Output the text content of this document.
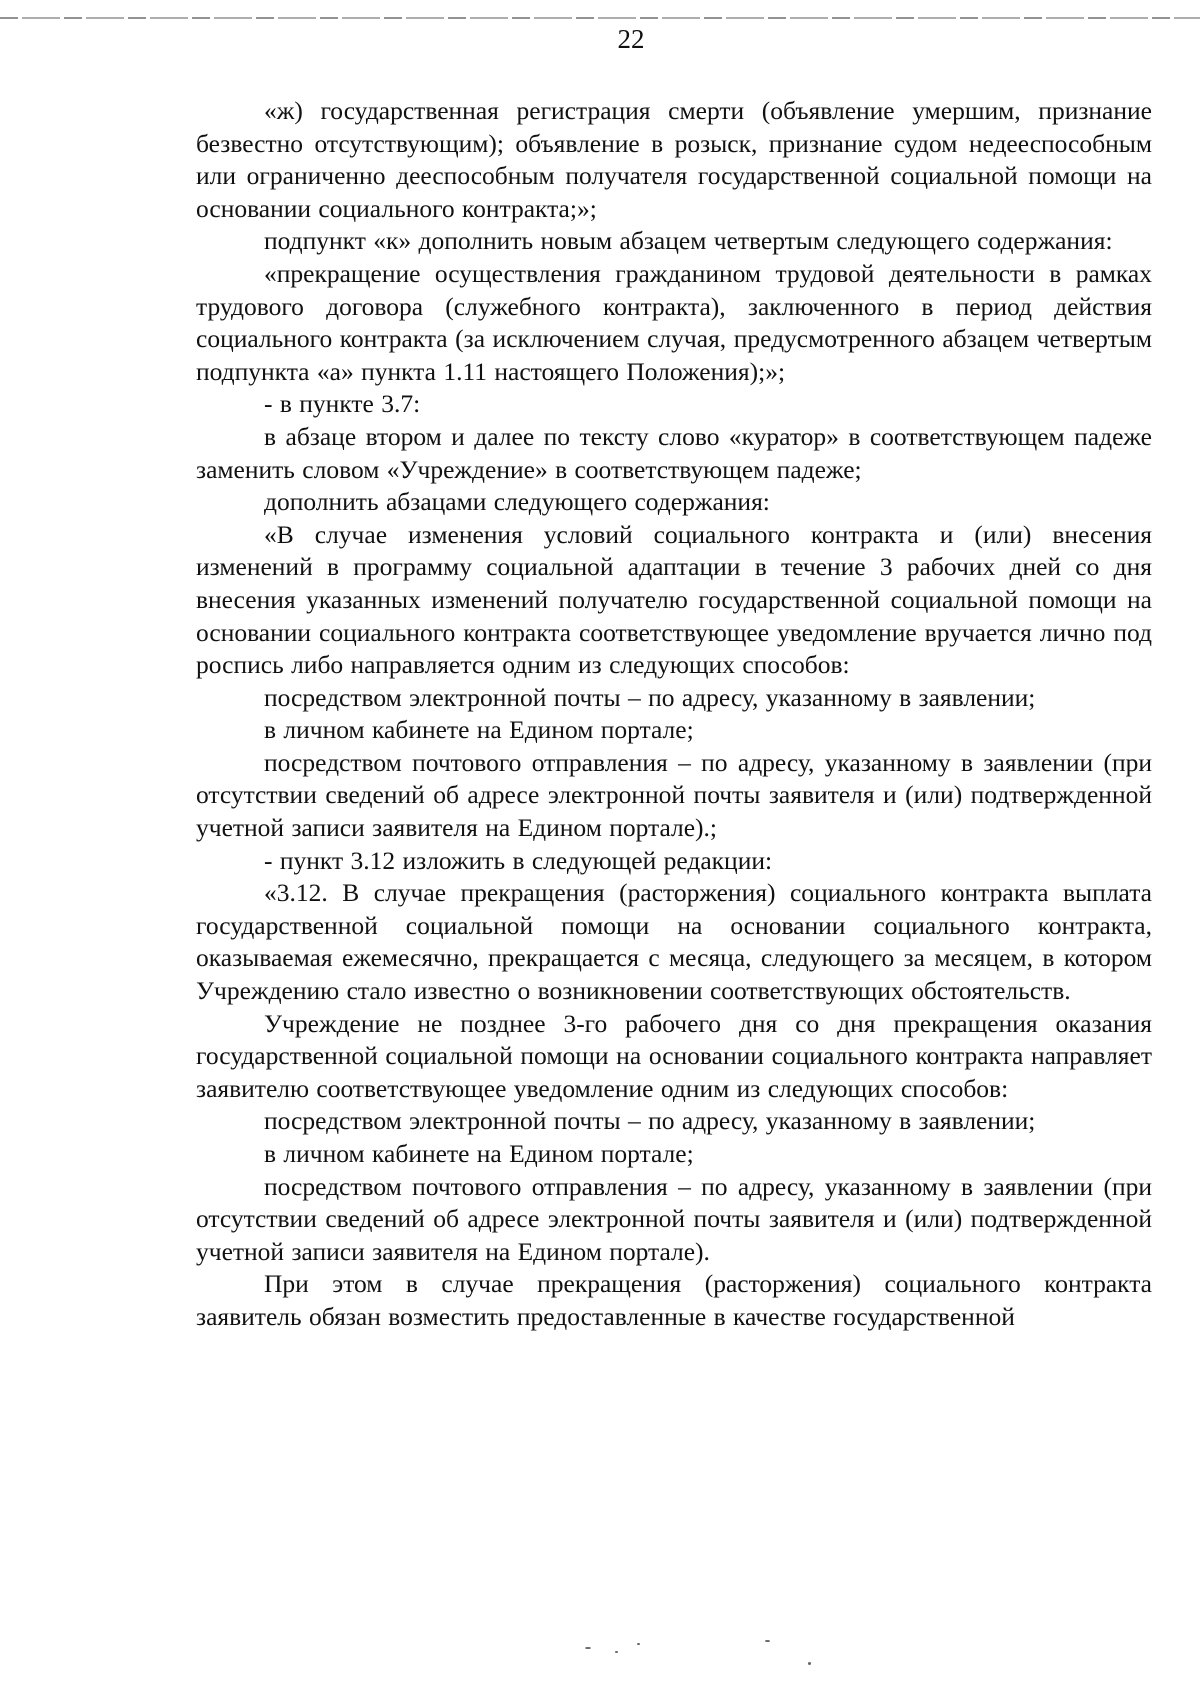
22

«ж) государственная регистрация смерти (объявление умершим, признание безвестно отсутствующим); объявление в розыск, признание судом недееспособным или ограниченно дееспособным получателя государственной социальной помощи на основании социального контракта;»;

подпункт «к» дополнить новым абзацем четвертым следующего содержания:

«прекращение осуществления гражданином трудовой деятельности в рамках трудового договора (служебного контракта), заключенного в период действия социального контракта (за исключением случая, предусмотренного абзацем четвертым подпункта «а» пункта 1.11 настоящего Положения);»;

- в пункте 3.7:

в абзаце втором и далее по тексту слово «куратор» в соответствующем падеже заменить словом «Учреждение» в соответствующем падеже;

дополнить абзацами следующего содержания:

«В случае изменения условий социального контракта и (или) внесения изменений в программу социальной адаптации в течение 3 рабочих дней со дня внесения указанных изменений получателю государственной социальной помощи на основании социального контракта соответствующее уведомление вручается лично под роспись либо направляется одним из следующих способов:

посредством электронной почты – по адресу, указанному в заявлении;

в личном кабинете на Едином портале;

посредством почтового отправления – по адресу, указанному в заявлении (при отсутствии сведений об адресе электронной почты заявителя и (или) подтвержденной учетной записи заявителя на Едином портале).;

- пункт 3.12 изложить в следующей редакции:

«3.12. В случае прекращения (расторжения) социального контракта выплата государственной социальной помощи на основании социального контракта, оказываемая ежемесячно, прекращается с месяца, следующего за месяцем, в котором Учреждению стало известно о возникновении соответствующих обстоятельств.

Учреждение не позднее 3-го рабочего дня со дня прекращения оказания государственной социальной помощи на основании социального контракта направляет заявителю соответствующее уведомление одним из следующих способов:

посредством электронной почты – по адресу, указанному в заявлении;

в личном кабинете на Едином портале;

посредством почтового отправления – по адресу, указанному в заявлении (при отсутствии сведений об адресе электронной почты заявителя и (или) подтвержденной учетной записи заявителя на Едином портале).

При этом в случае прекращения (расторжения) социального контракта заявитель обязан возместить предоставленные в качестве государственной
